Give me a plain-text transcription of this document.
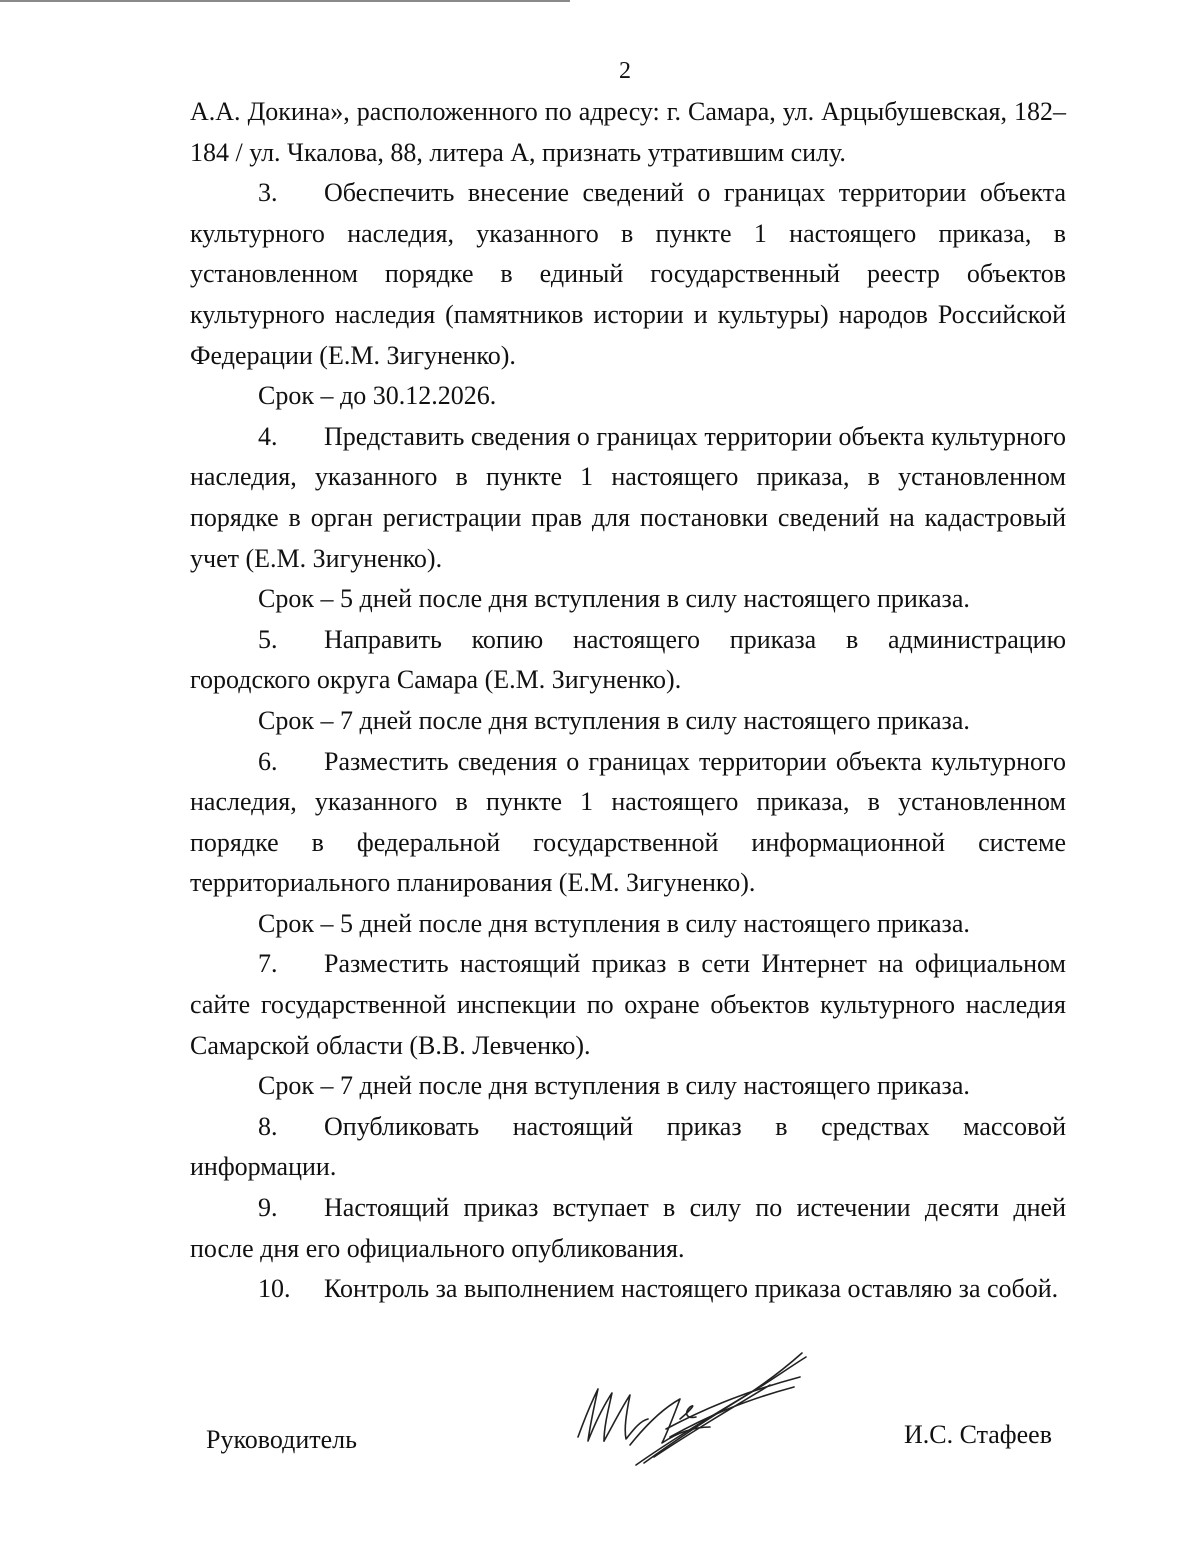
2

А.А. Докина», расположенного по адресу: г. Самара, ул. Арцыбушевская, 182–184 / ул. Чкалова, 88, литера А, признать утратившим силу.

3. Обеспечить внесение сведений о границах территории объекта культурного наследия, указанного в пункте 1 настоящего приказа, в установленном порядке в единый государственный реестр объектов культурного наследия (памятников истории и культуры) народов Российской Федерации (Е.М. Зигуненко).

Срок – до 30.12.2026.

4. Представить сведения о границах территории объекта культурного наследия, указанного в пункте 1 настоящего приказа, в установленном порядке в орган регистрации прав для постановки сведений на кадастровый учет (Е.М. Зигуненко).

Срок – 5 дней после дня вступления в силу настоящего приказа.

5. Направить копию настоящего приказа в администрацию городского округа Самара (Е.М. Зигуненко).

Срок – 7 дней после дня вступления в силу настоящего приказа.

6. Разместить сведения о границах территории объекта культурного наследия, указанного в пункте 1 настоящего приказа, в установленном порядке в федеральной государственной информационной системе территориального планирования (Е.М. Зигуненко).

Срок – 5 дней после дня вступления в силу настоящего приказа.

7. Разместить настоящий приказ в сети Интернет на официальном сайте государственной инспекции по охране объектов культурного наследия Самарской области (В.В. Левченко).

Срок – 7 дней после дня вступления в силу настоящего приказа.

8. Опубликовать настоящий приказ в средствах массовой информации.

9. Настоящий приказ вступает в силу по истечении десяти дней после дня его официального опубликования.

10. Контроль за выполнением настоящего приказа оставляю за собой.

Руководитель	И.С. Стафеев
